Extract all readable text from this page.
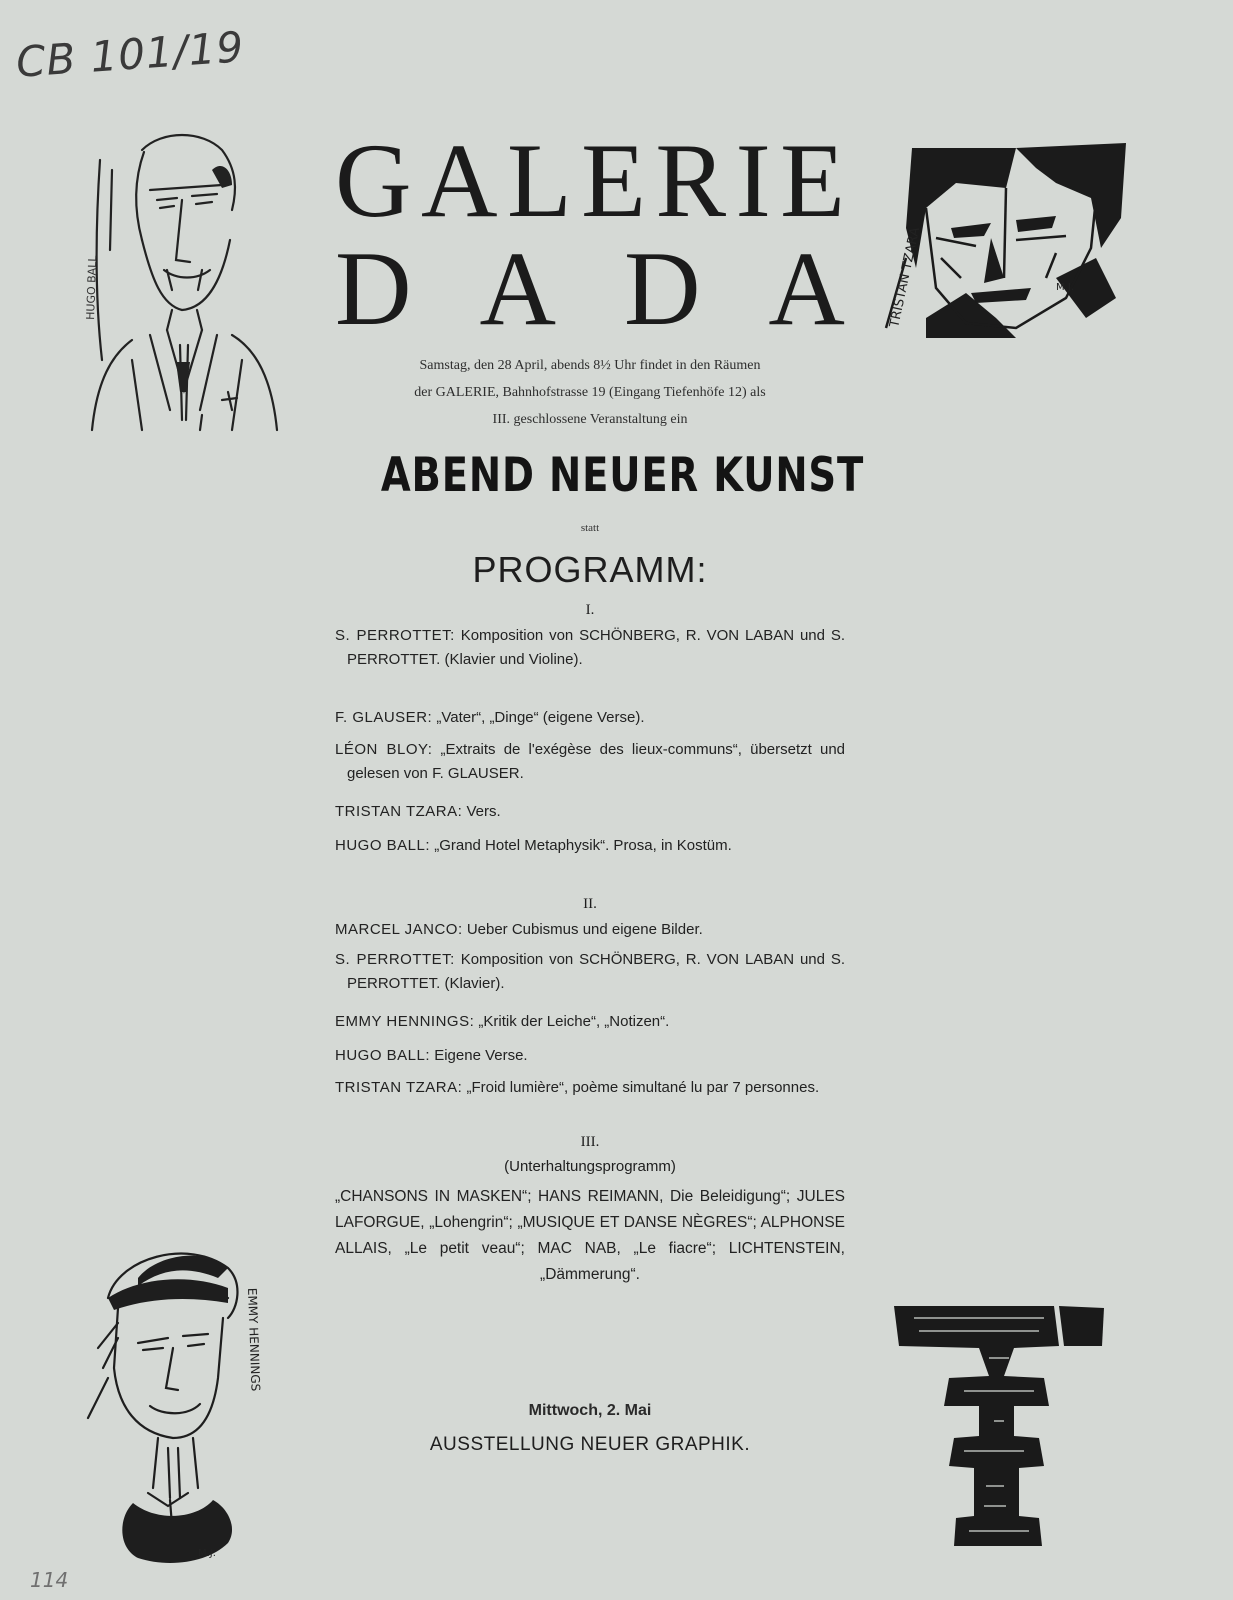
CB 101/19
HUGO BALL	TRISTAN TZARA	M.J.
G A L E R I E
D A D A
Samstag, den 28 April, abends 8½ Uhr findet in den Räumen
der GALERIE, Bahnhofstrasse 19 (Eingang Tiefenhöfe 12) als
III. geschlossene Veranstaltung ein
ABEND NEUER KUNST
statt
PROGRAMM:
I.
S. PERROTTET: Komposition von SCHÖNBERG, R. VON LABAN und S. PERROTTET. (Klavier und Violine).
F. GLAUSER: „Vater“, „Dinge“ (eigene Verse).
LÉON BLOY: „Extraits de l'exégèse des lieux-communs“, übersetzt und gelesen von F. GLAUSER.
TRISTAN TZARA: Vers.
HUGO BALL: „Grand Hotel Metaphysik“. Prosa, in Kostüm.
II.
MARCEL JANCO: Ueber Cubismus und eigene Bilder.
S. PERROTTET: Komposition von SCHÖNBERG, R. VON LABAN und S. PERROTTET. (Klavier).
EMMY HENNINGS: „Kritik der Leiche“, „Notizen“.
HUGO BALL: Eigene Verse.
TRISTAN TZARA: „Froid lumière“, poème simultané lu par 7 personnes.
III.
(Unterhaltungsprogramm)
„CHANSONS IN MASKEN“; HANS REIMANN, Die Beleidigung“; JULES LAFORGUE, „Lohengrin“; „MUSIQUE ET DANSE NÈGRES“; ALPHONSE ALLAIS, „Le petit veau“; MAC NAB, „Le fiacre“; LICHTENSTEIN, „Dämmerung“.
EMMY HENNINGS
M.J.
Mittwoch, 2. Mai
AUSSTELLUNG NEUER GRAPHIK.
114
